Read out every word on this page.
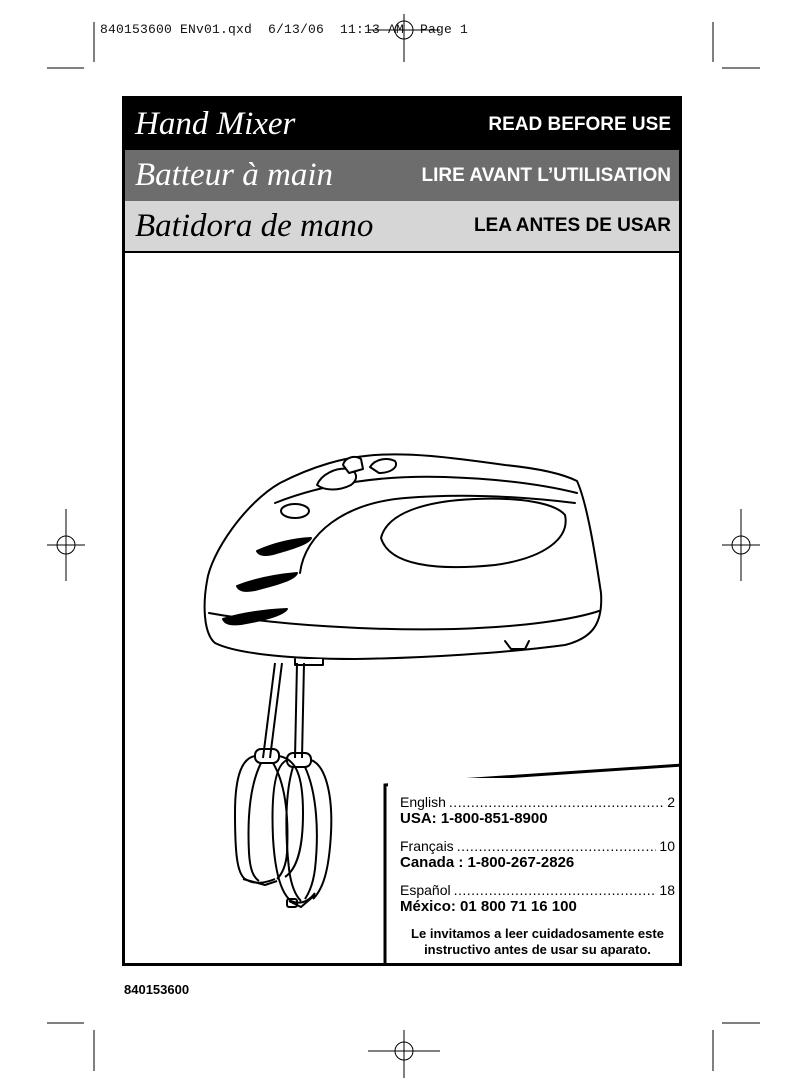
840153600 ENv01.qxd  6/13/06  11:13 AM  Page 1
Hand Mixer	READ BEFORE USE
Batteur à main	LIRE AVANT L’UTILISATION
Batidora de mano	LEA ANTES DE USAR
English .....	2
USA: 1-800-851-8900
Français .....	10
Canada : 1-800-267-2826
Español .....	18
México: 01 800 71 16 100
Le invitamos a leer cuidadosamente este
instructivo antes de usar su aparato.
840153600
